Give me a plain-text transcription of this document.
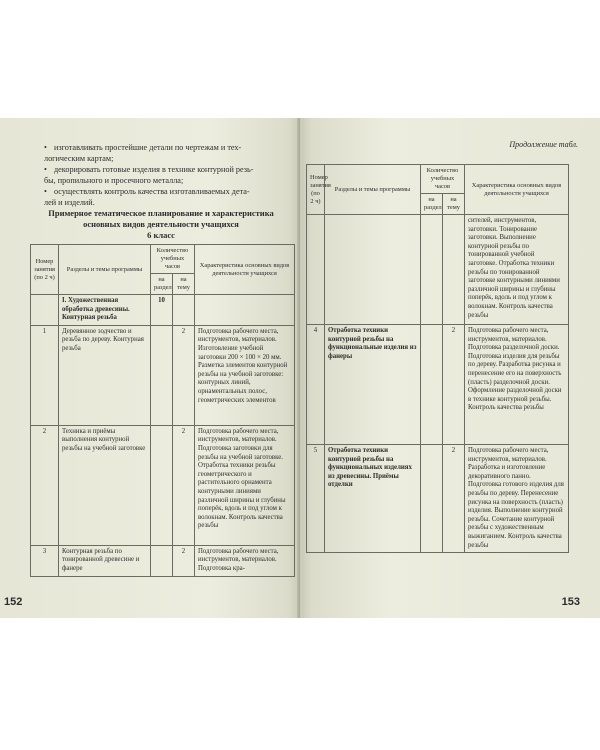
• изготавливать простейшие детали по чертежам и тех-
логическим картам;
• декорировать готовые изделия в технике контурной резь-
бы, пропильного и просечного металла;
• осуществлять контроль качества изготавливаемых дета-
лей и изделий.
Примерное тематическое планирование и характеристика
основных видов деятельности учащихся
6 класс
Номер занятия (по 2 ч)	Разделы и темы программы	Количество учебных часов		Характеристика основных видов деятельности учащихся
		на раздел	на тему	
	I. Художественная обработка древесины. Контурная резьба	10		
1	Деревянное зодчество и резьба по дереву. Контурная резьба		2	Подготовка рабочего места, инструментов, материалов. Изготовление учебной заготовки 200 × 100 × 20 мм. Разметка элементов контурной резьбы на учебной заготовке: контурных линий, орнаментальных полос, геометрических элементов
2	Техника и приёмы выполнения контурной резьбы на учебной заготовке		2	Подготовка рабочего места, инструментов, материалов. Подготовка заготовки для резьбы на учебной заготовке. Отработка техники резьбы геометрического и растительного орнамента контурными линиями различной ширины и глубины поперёк, вдоль и под углом к волокнам. Контроль качества резьбы
3	Контурная резьба по тонированной древесине и фанере		2	Подготовка рабочего места, инструментов, материалов. Подготовка кра-
152
Продолжение табл.
Номер занятия (по 2 ч)	Разделы и темы программы	Количество учебных часов		Характеристика основных видов деятельности учащихся
		на раздел	на тему	
				сителей, инструментов, заготовки. Тонирование заготовки. Выполнение контурной резьбы по тонированной учебной заготовке. Отработка техники резьбы по тонированной заготовке контурными линиями различной ширины и глубины поперёк, вдоль и под углом к волокнам. Контроль качества резьбы
4	Отработка техники контурной резьбы на функциональные изделия из фанеры		2	Подготовка рабочего места, инструментов, материалов. Подготовка разделочной доски. Подготовка изделия для резьбы по дереву. Разработка рисунка и перенесение его на поверхность (пласть) разделочной доски. Оформление разделочной доски в технике контурной резьбы. Контроль качества резьбы
5	Отработка техники контурной резьбы на функциональных изделиях из древесины. Приёмы отделки		2	Подготовка рабочего места, инструментов, материалов. Разработка и изготовление декоративного панно. Подготовка готового изделия для резьбы по дереву. Перенесение рисунка на поверхность (пласть) изделия. Выполнение контурной резьбы. Сочетание контурной резьбы с художественным выжиганием. Контроль качества резьбы
153
